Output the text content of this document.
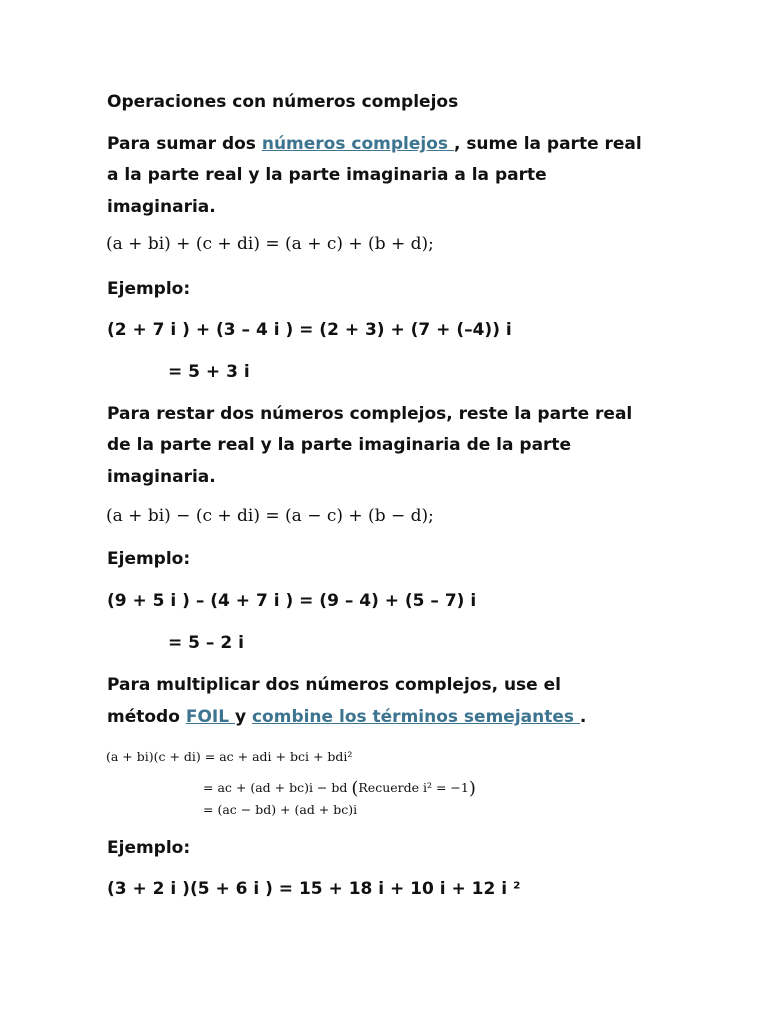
Operaciones con números complejos
Para sumar dos números complejos , sume la parte real
a la parte real y la parte imaginaria a la parte
imaginaria.
(a + bi) + (c + di) = (a + c) + (b + d);
Ejemplo:
(2 + 7 i ) + (3 – 4 i ) = (2 + 3) + (7 + (–4)) i
= 5 + 3 i
Para restar dos números complejos, reste la parte real
de la parte real y la parte imaginaria de la parte
imaginaria.
(a + bi) − (c + di) = (a − c) + (b − d);
Ejemplo:
(9 + 5 i ) – (4 + 7 i ) = (9 – 4) + (5 – 7) i
= 5 – 2 i
Para multiplicar dos números complejos, use el
método FOIL y combine los términos semejantes .
(a + bi)(c + di) = ac + adi + bci + bdi²
= ac + (ad + bc)i − bd (Recuerde i² = −1)
= (ac − bd) + (ad + bc)i
Ejemplo:
(3 + 2 i )(5 + 6 i ) = 15 + 18 i + 10 i + 12 i ²
